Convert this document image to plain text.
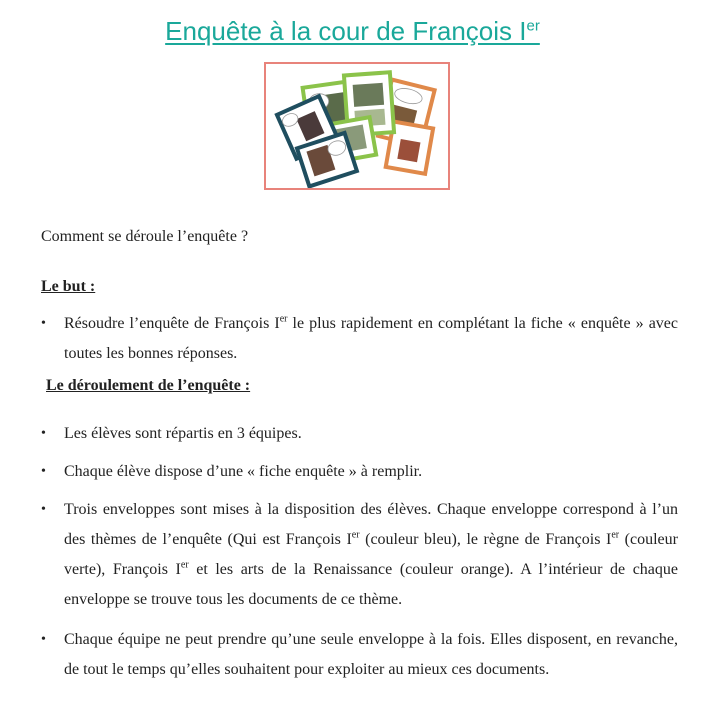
Enquête à la cour de François Ier
Comment se déroule l’enquête ?
Le but :
•	Résoudre l’enquête de François Ier le plus rapidement en complétant la fiche « enquête » avec toutes les bonnes réponses.
Le déroulement de l’enquête :
•	Les élèves sont répartis en 3 équipes.
•	Chaque élève dispose d’une « fiche enquête » à remplir.
•	Trois enveloppes sont mises à la disposition des élèves. Chaque enveloppe correspond à l’un des thèmes de l’enquête (Qui est François Ier (couleur bleu), le règne de François Ier (couleur verte), François Ier et les arts de la Renaissance (couleur orange). A l’intérieur de chaque enveloppe se trouve tous les documents de ce thème.
•	Chaque équipe ne peut prendre qu’une seule enveloppe à la fois. Elles disposent, en revanche, de tout le temps qu’elles souhaitent pour exploiter au mieux ces documents.
